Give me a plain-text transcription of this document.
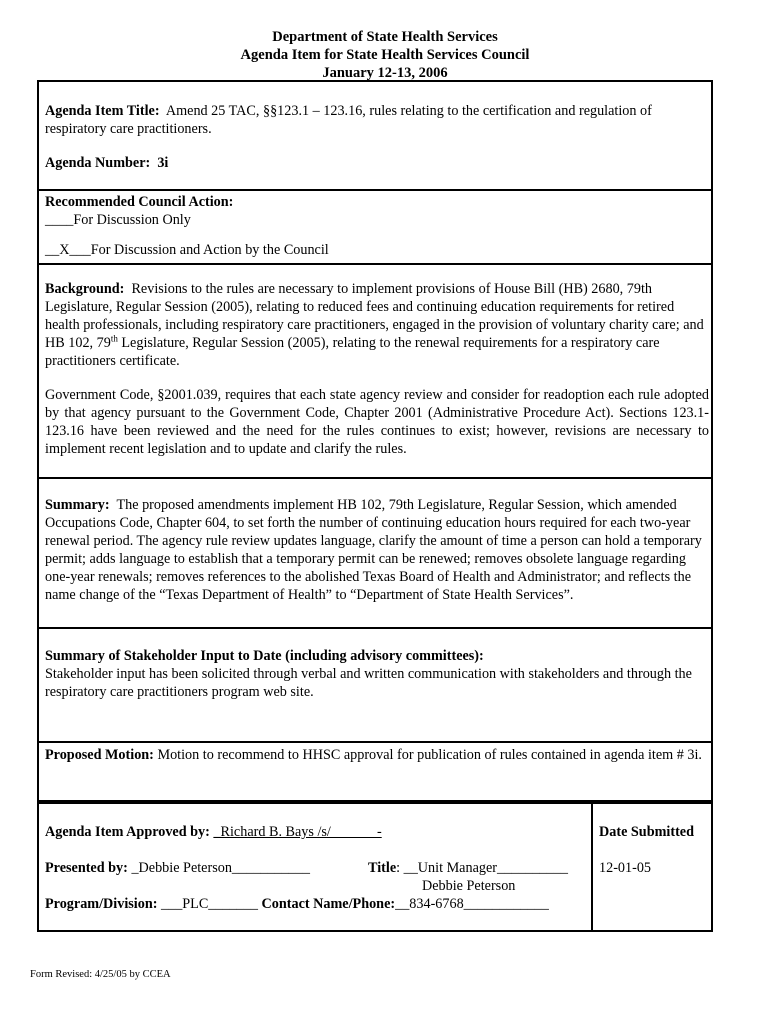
Department of State Health Services
Agenda Item for State Health Services Council
January 12-13, 2006

Agenda Item Title: Amend 25 TAC, §§123.1 – 123.16, rules relating to the certification and regulation of respiratory care practitioners.

Agenda Number: 3i

Recommended Council Action:

____For Discussion Only

__X___For Discussion and Action by the Council

Background: Revisions to the rules are necessary to implement provisions of House Bill (HB) 2680, 79th Legislature, Regular Session (2005), relating to reduced fees and continuing education requirements for retired health professionals, including respiratory care practitioners, engaged in the provision of voluntary charity care; and HB 102, 79th Legislature, Regular Session (2005), relating to the renewal requirements for a respiratory care practitioners certificate.

Government Code, §2001.039, requires that each state agency review and consider for readoption each rule adopted by that agency pursuant to the Government Code, Chapter 2001 (Administrative Procedure Act). Sections 123.1-123.16 have been reviewed and the need for the rules continues to exist; however, revisions are necessary to implement recent legislation and to update and clarify the rules.

Summary: The proposed amendments implement HB 102, 79th Legislature, Regular Session, which amended Occupations Code, Chapter 604, to set forth the number of continuing education hours required for each two-year renewal period. The agency rule review updates language, clarify the amount of time a person can hold a temporary permit; adds language to establish that a temporary permit can be renewed; removes obsolete language regarding one-year renewals; removes references to the abolished Texas Board of Health and Administrator; and reflects the name change of the “Texas Department of Health” to “Department of State Health Services”.

Summary of Stakeholder Input to Date (including advisory committees):

Stakeholder input has been solicited through verbal and written communication with stakeholders and through the respiratory care practitioners program web site.

Proposed Motion: Motion to recommend to HHSC approval for publication of rules contained in agenda item # 3i.

Agenda Item Approved by: _Richard B. Bays /s/             -	Date Submitted
Presented by: _Debbie Peterson___________	Title: __Unit Manager__________ 12-01-05
Debbie Peterson
Program/Division: ___PLC_______ Contact Name/Phone:__834-6768____________
Form Revised: 4/25/05 by CCEA
